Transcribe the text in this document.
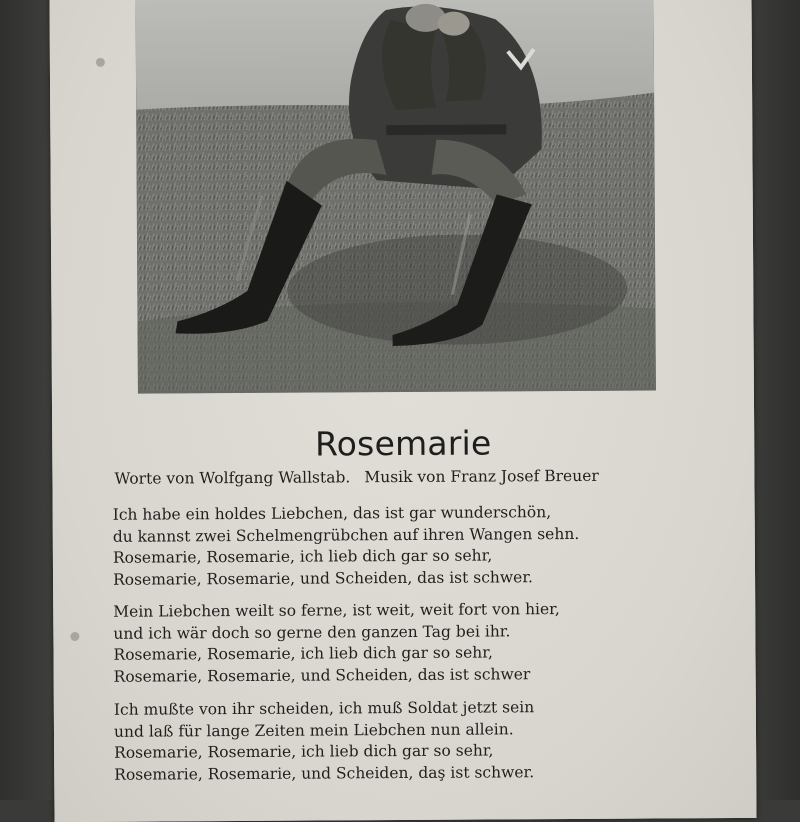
Rosemarie
Worte von Wolfgang Wallstab. Musik von Franz Josef Breuer
Ich habe ein holdes Liebchen, das ist gar wunderschön,
du kannst zwei Schelmengrübchen auf ihren Wangen sehn.
Rosemarie, Rosemarie, ich lieb dich gar so sehr,
Rosemarie, Rosemarie, und Scheiden, das ist schwer.
Mein Liebchen weilt so ferne, ist weit, weit fort von hier,
und ich wär doch so gerne den ganzen Tag bei ihr.
Rosemarie, Rosemarie, ich lieb dich gar so sehr,
Rosemarie, Rosemarie, und Scheiden, das ist schwer
Ich mußte von ihr scheiden, ich muß Soldat jetzt sein
und laß für lange Zeiten mein Liebchen nun allein.
Rosemarie, Rosemarie, ich lieb dich gar so sehr,
Rosemarie, Rosemarie, und Scheiden, daş ist schwer.
